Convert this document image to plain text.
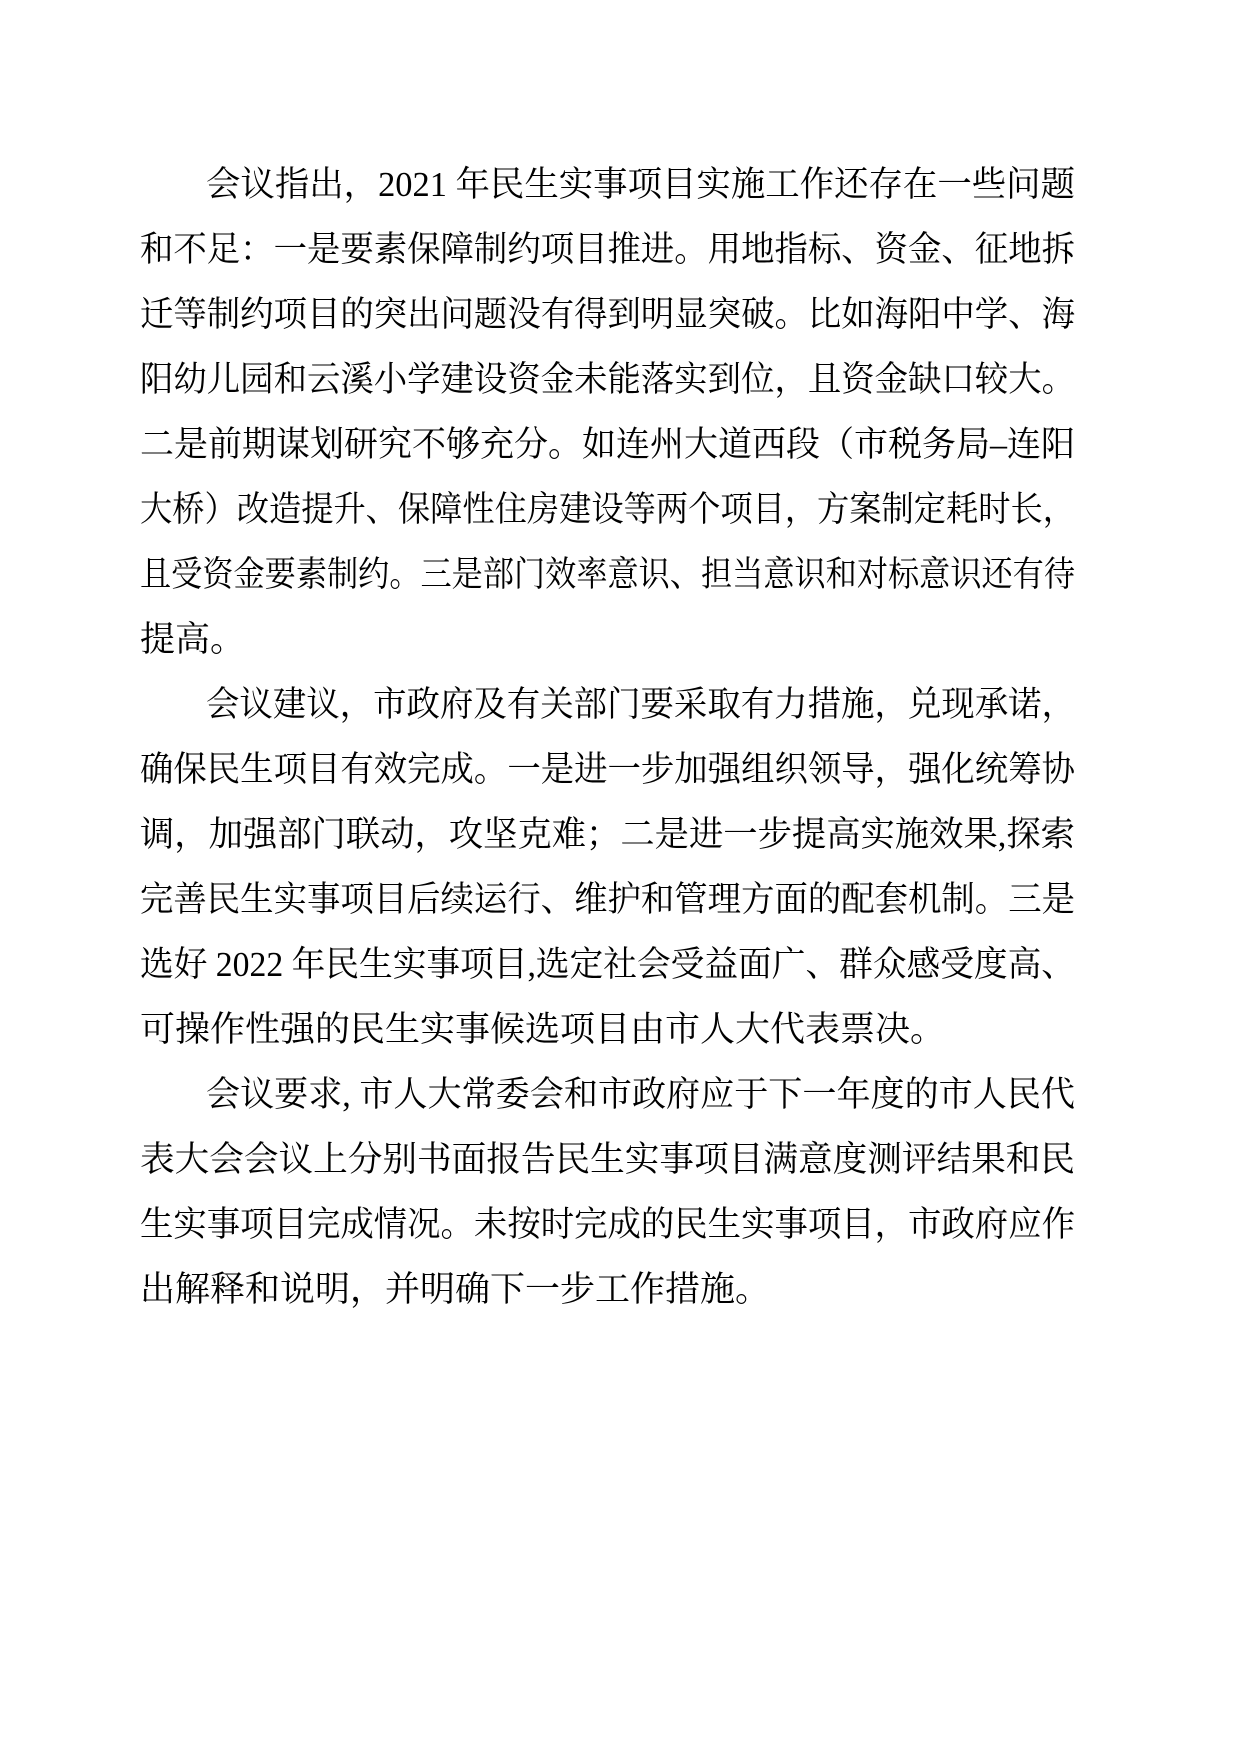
会议指出，2021 年民生实事项目实施工作还存在一些问题
和不足：一是要素保障制约项目推进。用地指标、资金、征地拆
迁等制约项目的突出问题没有得到明显突破。比如海阳中学、海
阳幼儿园和云溪小学建设资金未能落实到位，且资金缺口较大。
二是前期谋划研究不够充分。如连州大道西段（市税务局–连阳
大桥）改造提升、保障性住房建设等两个项目，方案制定耗时长，
且受资金要素制约。三是部门效率意识、担当意识和对标意识还有待
提高。
会议建议，市政府及有关部门要采取有力措施，兑现承诺，
确保民生项目有效完成。一是进一步加强组织领导，强化统筹协
调，加强部门联动，攻坚克难；二是进一步提高实施效果,探索
完善民生实事项目后续运行、维护和管理方面的配套机制。三是
选好 2022 年民生实事项目,选定社会受益面广、群众感受度高、
可操作性强的民生实事候选项目由市人大代表票决。
会议要求, 市人大常委会和市政府应于下一年度的市人民代
表大会会议上分别书面报告民生实事项目满意度测评结果和民
生实事项目完成情况。未按时完成的民生实事项目，市政府应作
出解释和说明，并明确下一步工作措施。
